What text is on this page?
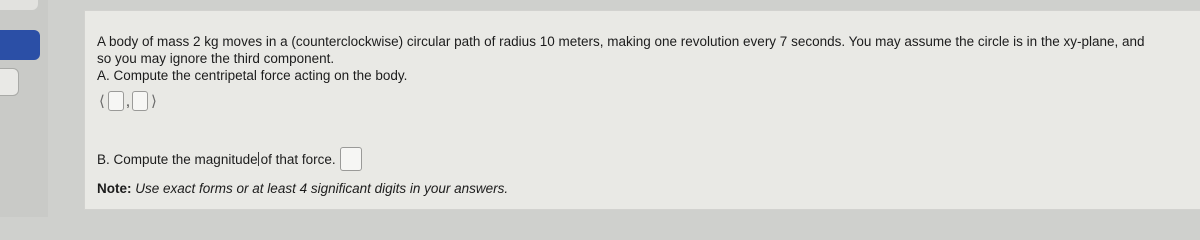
A body of mass 2 kg moves in a (counterclockwise) circular path of radius 10 meters, making one revolution every 7 seconds. You may assume the circle is in the xy-plane, and so you may ignore the third component.

A. Compute the centripetal force acting on the body.

⟨ , ⟩
B. Compute the magnitude of that force.
Note: Use exact forms or at least 4 significant digits in your answers.
